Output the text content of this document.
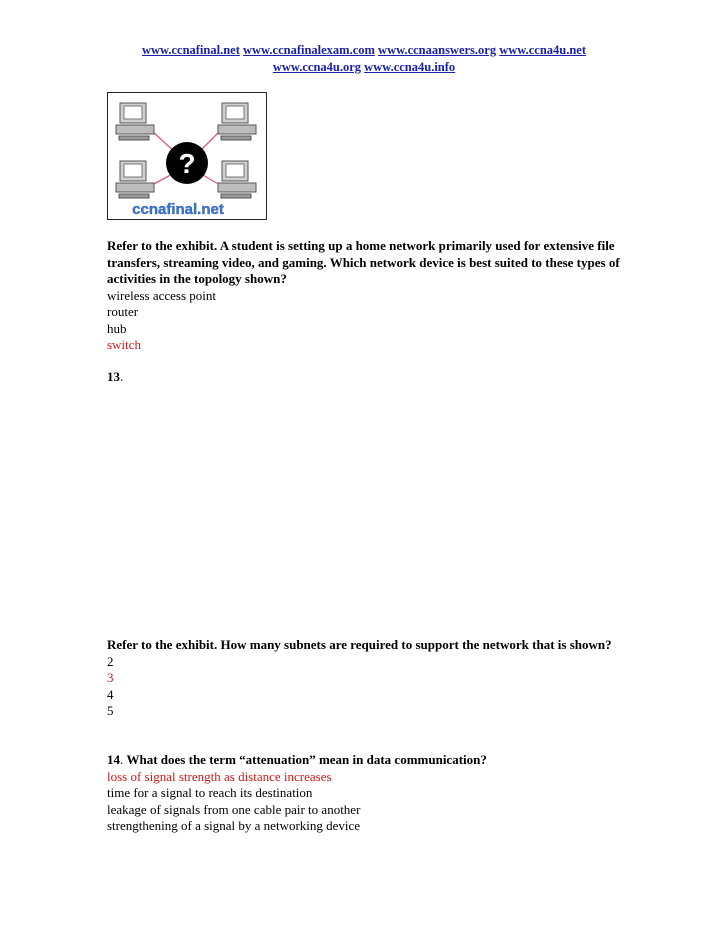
www.ccnafinal.net www.ccnafinalexam.com www.ccnaanswers.org www.ccna4u.net
www.ccna4u.org www.ccna4u.info
?
ccnafinal.net
Refer to the exhibit. A student is setting up a home network primarily used for extensive file transfers, streaming video, and gaming. Which network device is best suited to these types of activities in the topology shown?
wireless access point
router
hub
switch
13.
Refer to the exhibit. How many subnets are required to support the network that is shown?
2
3
4
5
14. What does the term “attenuation” mean in data communication?
loss of signal strength as distance increases
time for a signal to reach its destination
leakage of signals from one cable pair to another
strengthening of a signal by a networking device
